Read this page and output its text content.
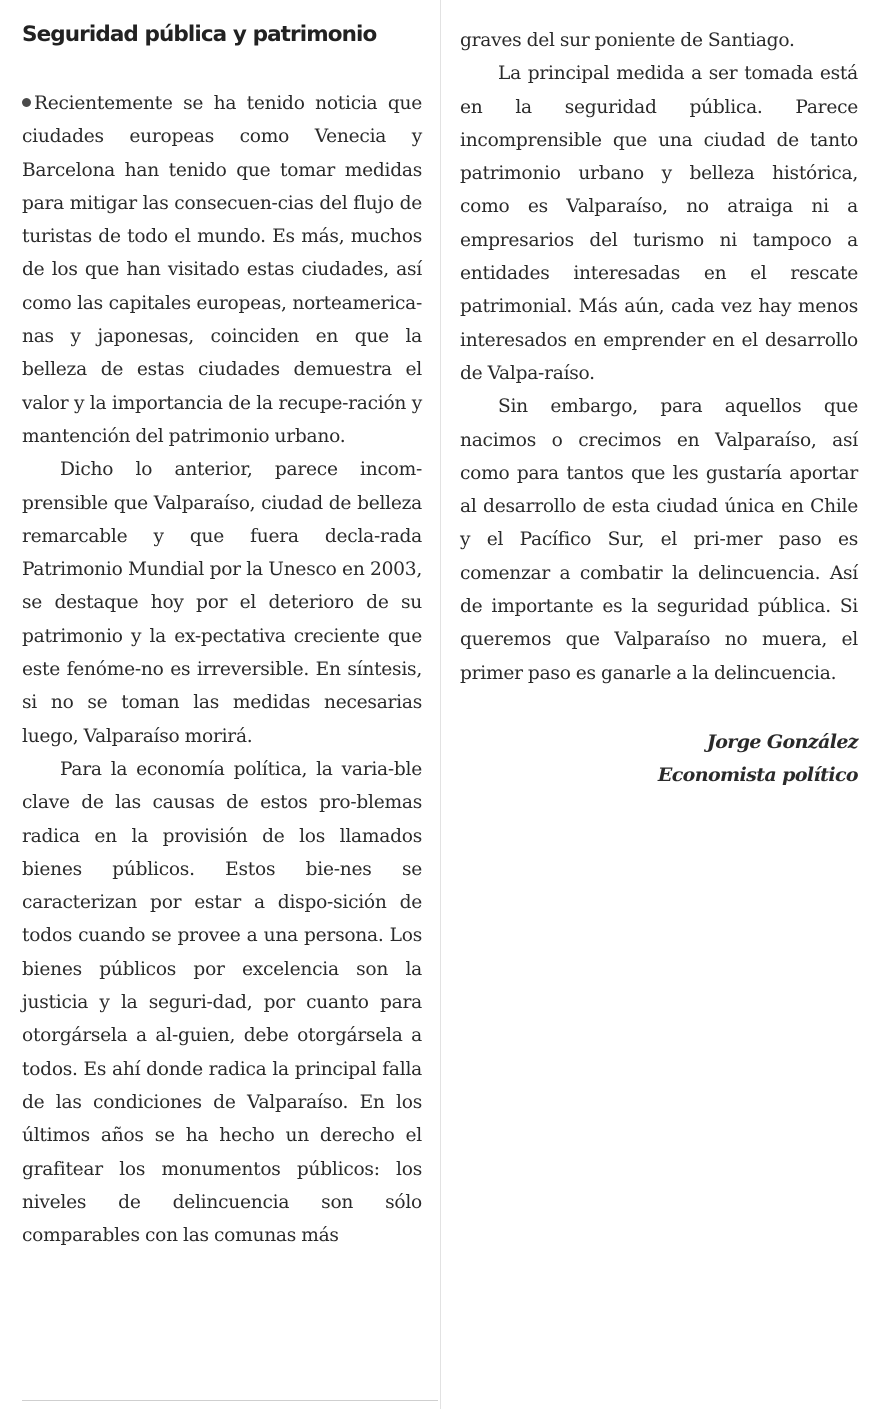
Seguridad pública y patrimonio

Recientemente se ha tenido noticia que ciudades europeas como Venecia y Barcelona han tenido que tomar medidas para mitigar las consecuen-cias del flujo de turistas de todo el mundo. Es más, muchos de los que han visitado estas ciudades, así como las capitales europeas, norteamerica-nas y japonesas, coinciden en que la belleza de estas ciudades demuestra el valor y la importancia de la recupe-ración y mantención del patrimonio urbano.

Dicho lo anterior, parece incom-prensible que Valparaíso, ciudad de belleza remarcable y que fuera decla-rada Patrimonio Mundial por la Unesco en 2003, se destaque hoy por el deterioro de su patrimonio y la ex-pectativa creciente que este fenóme-no es irreversible. En síntesis, si no se toman las medidas necesarias luego, Valparaíso morirá.

Para la economía política, la varia-ble clave de las causas de estos pro-blemas radica en la provisión de los llamados bienes públicos. Estos bie-nes se caracterizan por estar a dispo-sición de todos cuando se provee a una persona. Los bienes públicos por excelencia son la justicia y la seguri-dad, por cuanto para otorgársela a al-guien, debe otorgársela a todos. Es ahí donde radica la principal falla de las condiciones de Valparaíso. En los últimos años se ha hecho un derecho el grafitear los monumentos públicos: los niveles de delincuencia son sólo comparables con las comunas más

graves del sur poniente de Santiago.

La principal medida a ser tomada está en la seguridad pública. Parece incomprensible que una ciudad de tanto patrimonio urbano y belleza histórica, como es Valparaíso, no atraiga ni a empresarios del turismo ni tampoco a entidades interesadas en el rescate patrimonial. Más aún, cada vez hay menos interesados en emprender en el desarrollo de Valpa-raíso.

Sin embargo, para aquellos que nacimos o crecimos en Valparaíso, así como para tantos que les gustaría aportar al desarrollo de esta ciudad única en Chile y el Pacífico Sur, el pri-mer paso es comenzar a combatir la delincuencia. Así de importante es la seguridad pública. Si queremos que Valparaíso no muera, el primer paso es ganarle a la delincuencia.

Jorge González
Economista político
